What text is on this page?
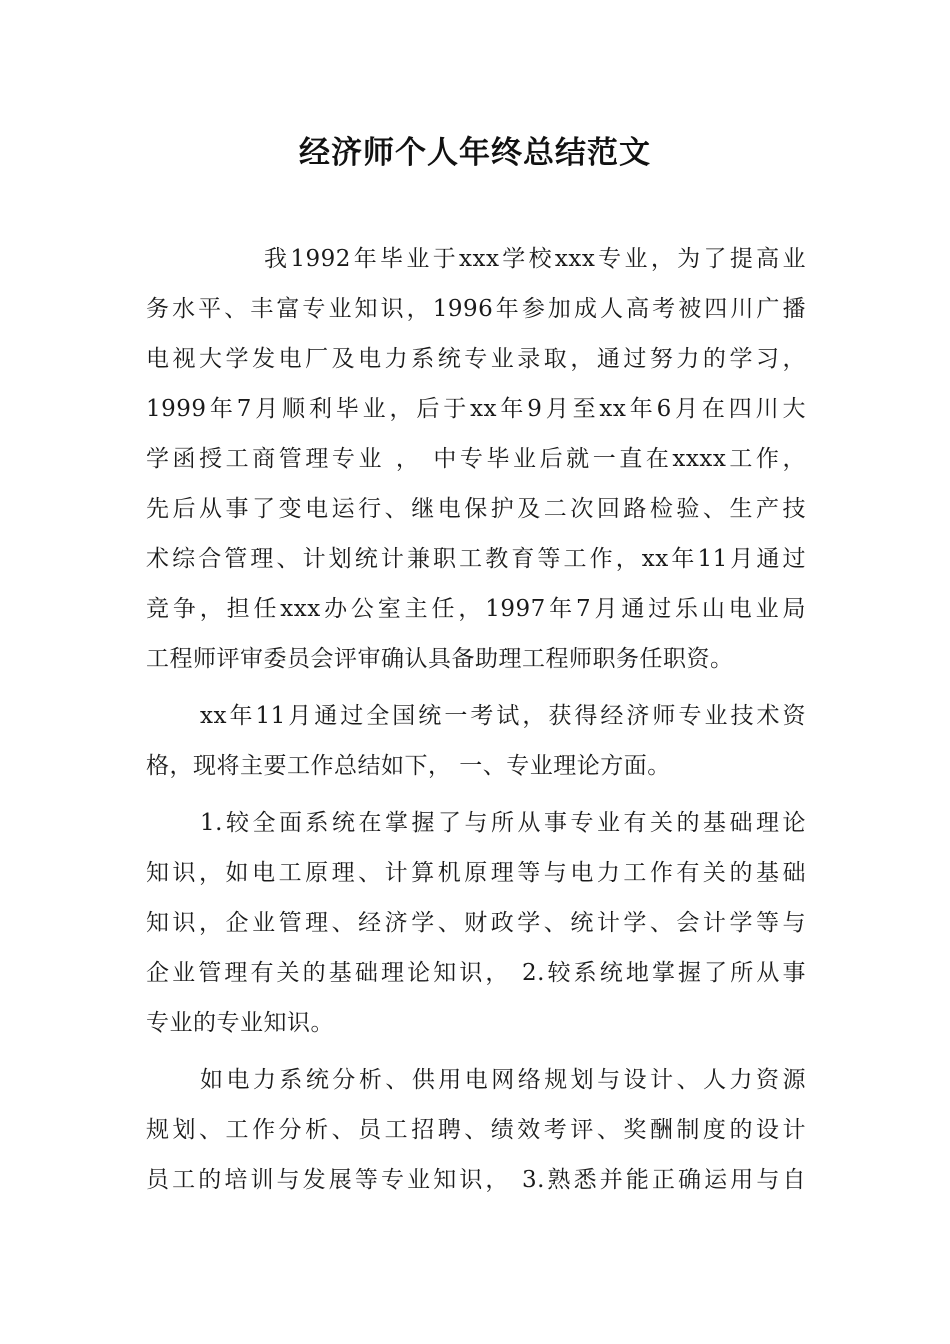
经济师个人年终总结范文
我1992年毕业于xxx学校xxx专业，为了提高业
务水平、丰富专业知识，1996年参加成人高考被四川广播
电视大学发电厂及电力系统专业录取，通过努力的学习，
1999年7月顺利毕业，后于xx年9月至xx年6月在四川大
学函授工商管理专业 ， 中专毕业后就一直在xxxx工作，
先后从事了变电运行、继电保护及二次回路检验、生产技
术综合管理、计划统计兼职工教育等工作，xx年11月通过
竞争，担任xxx办公室主任，1997年7月通过乐山电业局
工程师评审委员会评审确认具备助理工程师职务任职资。
xx年11月通过全国统一考试，获得经济师专业技术资
格，现将主要工作总结如下， 一、专业理论方面。
1.较全面系统在掌握了与所从事专业有关的基础理论
知识，如电工原理、计算机原理等与电力工作有关的基础
知识，企业管理、经济学、财政学、统计学、会计学等与
企业管理有关的基础理论知识， 2.较系统地掌握了所从事
专业的专业知识。
如电力系统分析、供用电网络规划与设计、人力资源
规划、工作分析、员工招聘、绩效考评、奖酬制度的设计
员工的培训与发展等专业知识， 3.熟悉并能正确运用与自
